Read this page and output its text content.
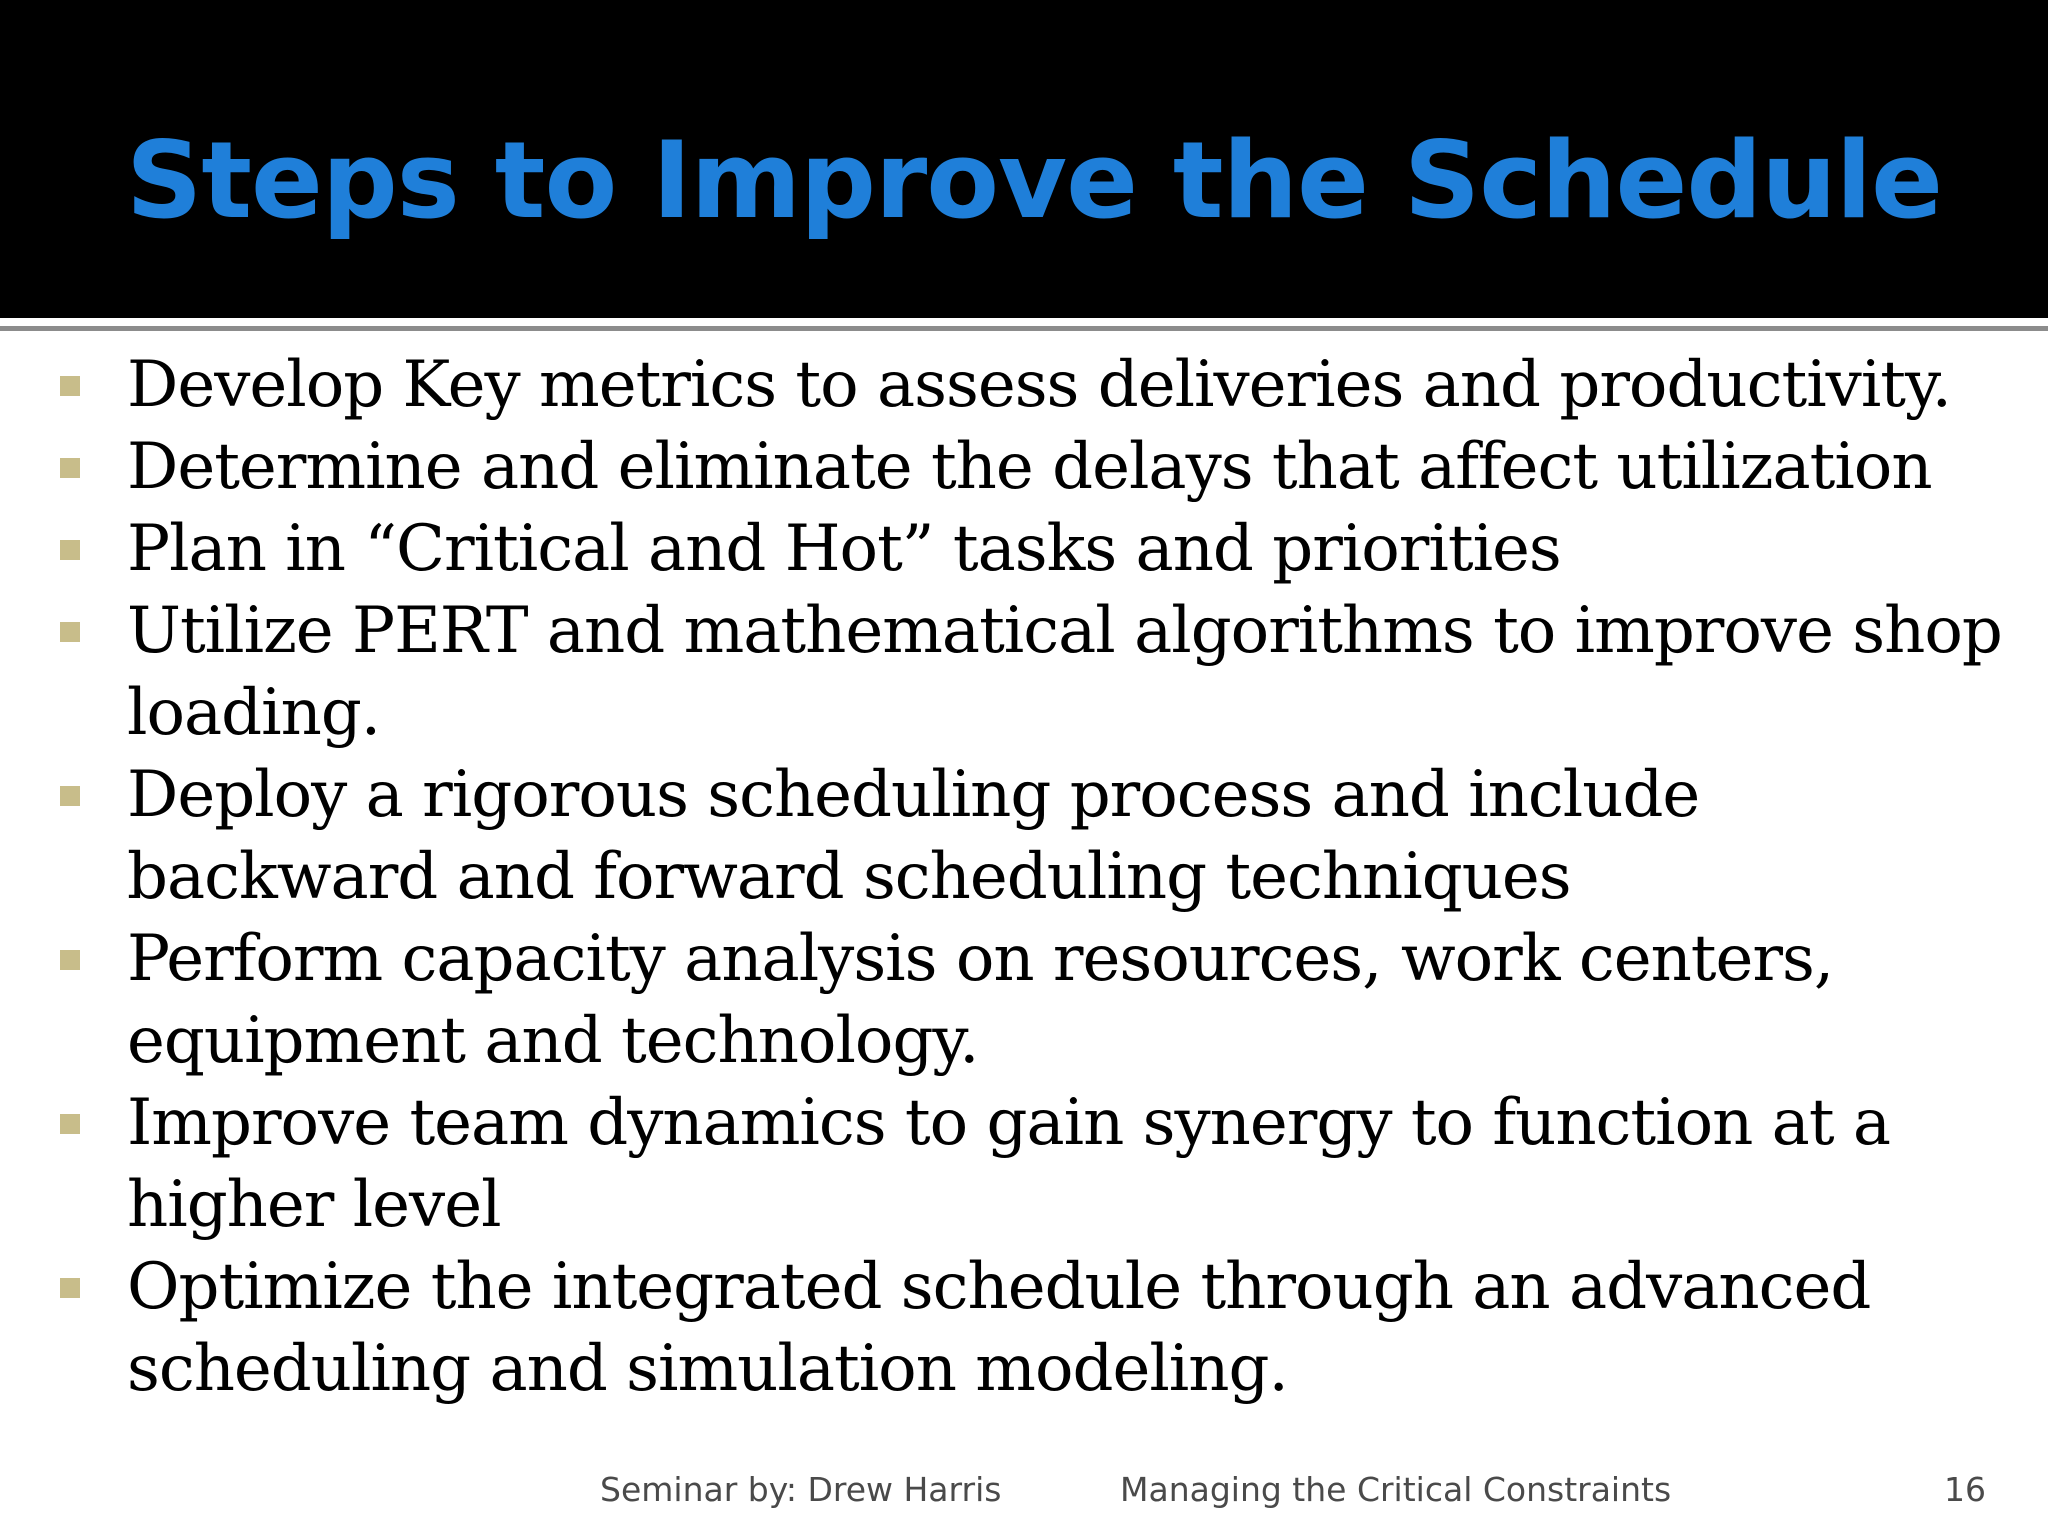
Steps to Improve the Schedule
Develop Key metrics to assess deliveries and productivity.
Determine and eliminate the delays that affect utilization
Plan in “Critical and Hot” tasks and priorities
Utilize PERT and mathematical algorithms to improve shop loading.
Deploy a rigorous scheduling process and include backward and forward scheduling techniques
Perform capacity analysis on resources, work centers, equipment and technology.
Improve team dynamics to gain synergy to function at a higher level
Optimize the integrated schedule through an advanced scheduling and simulation modeling.
Seminar by: Drew Harris	Managing the Critical Constraints	16
